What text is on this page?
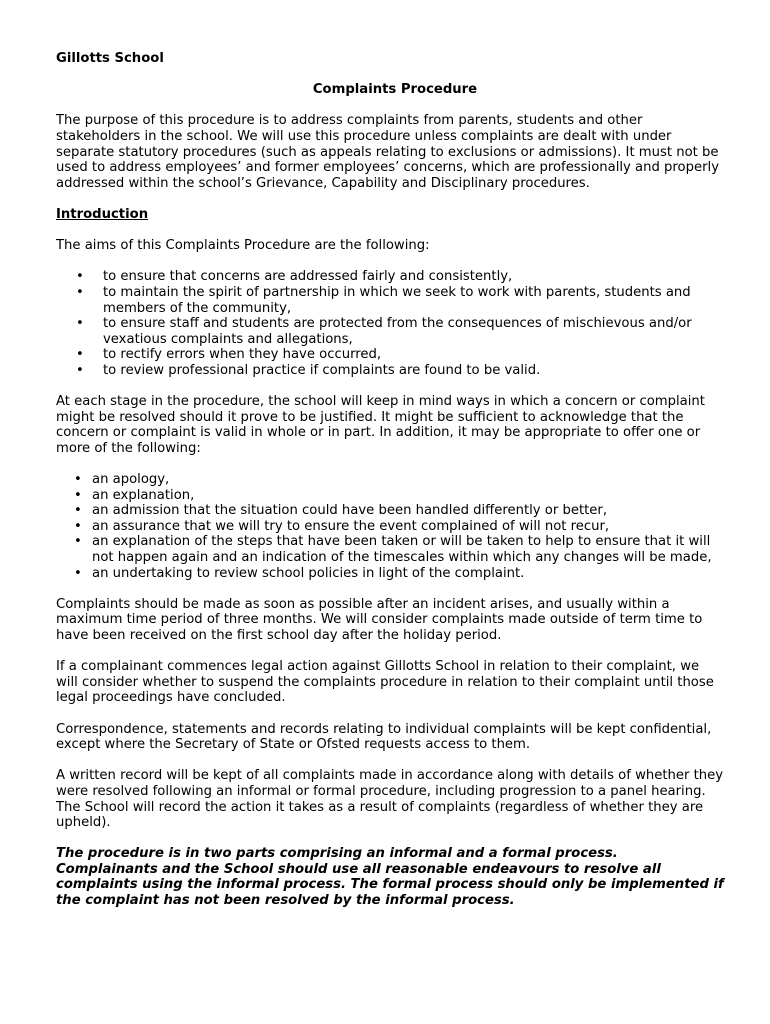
Gillotts School
Complaints Procedure

The purpose of this procedure is to address complaints from parents, students and other stakeholders in the school. We will use this procedure unless complaints are dealt with under separate statutory procedures (such as appeals relating to exclusions or admissions). It must not be used to address employees’ and former employees’ concerns, which are professionally and properly addressed within the school’s Grievance, Capability and Disciplinary procedures.

Introduction

The aims of this Complaints Procedure are the following:

• to ensure that concerns are addressed fairly and consistently,
• to maintain the spirit of partnership in which we seek to work with parents, students and members of the community,
• to ensure staff and students are protected from the consequences of mischievous and/or vexatious complaints and allegations,
• to rectify errors when they have occurred,
• to review professional practice if complaints are found to be valid.

At each stage in the procedure, the school will keep in mind ways in which a concern or complaint might be resolved should it prove to be justified. It might be sufficient to acknowledge that the concern or complaint is valid in whole or in part. In addition, it may be appropriate to offer one or more of the following:

• an apology,
• an explanation,
• an admission that the situation could have been handled differently or better,
• an assurance that we will try to ensure the event complained of will not recur,
• an explanation of the steps that have been taken or will be taken to help to ensure that it will not happen again and an indication of the timescales within which any changes will be made,
• an undertaking to review school policies in light of the complaint.

Complaints should be made as soon as possible after an incident arises, and usually within a maximum time period of three months. We will consider complaints made outside of term time to have been received on the first school day after the holiday period.

If a complainant commences legal action against Gillotts School in relation to their complaint, we will consider whether to suspend the complaints procedure in relation to their complaint until those legal proceedings have concluded.

Correspondence, statements and records relating to individual complaints will be kept confidential, except where the Secretary of State or Ofsted requests access to them.

A written record will be kept of all complaints made in accordance along with details of whether they were resolved following an informal or formal procedure, including progression to a panel hearing. The School will record the action it takes as a result of complaints (regardless of whether they are upheld).

The procedure is in two parts comprising an informal and a formal process. Complainants and the School should use all reasonable endeavours to resolve all complaints using the informal process. The formal process should only be implemented if the complaint has not been resolved by the informal process.
